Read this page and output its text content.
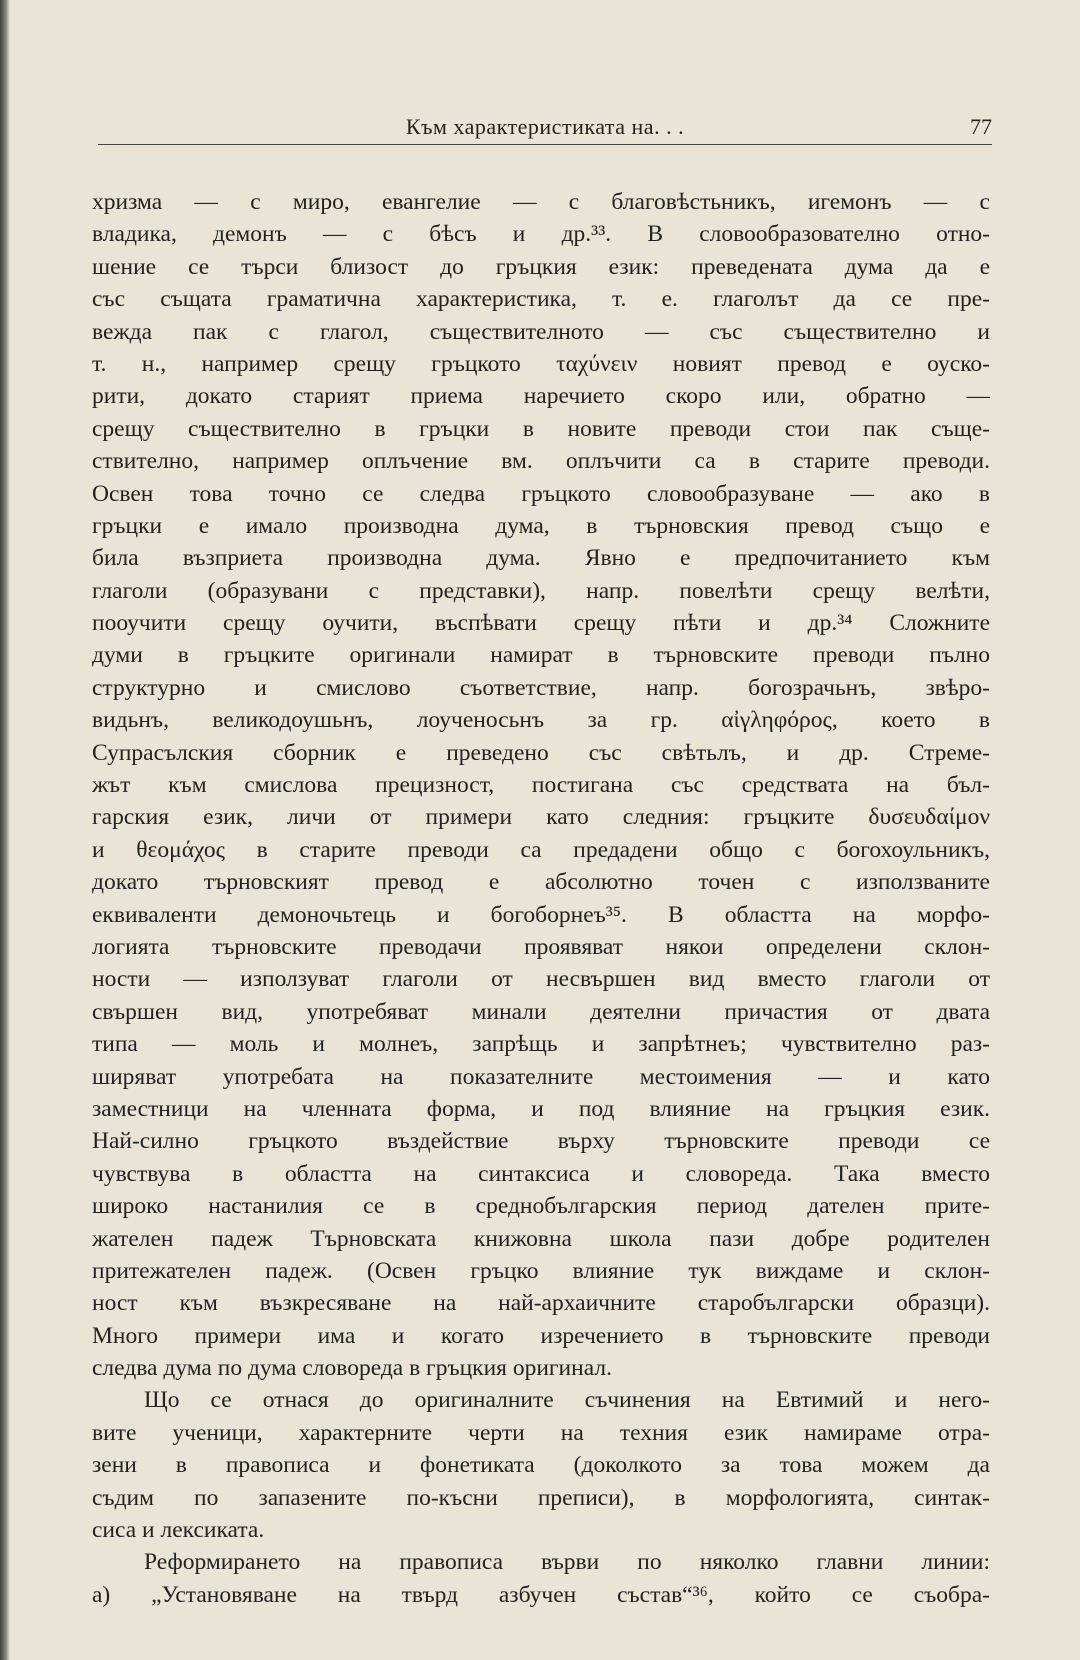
Към характеристиката на. . .	77
хризма — с миро, евангелие — с благовѣстьникъ, игемонъ — с
владика, демонъ — с бѣсъ и др.³³. В словообразователно отно-
шение се търси близост до гръцкия език: преведената дума да е
със същата граматична характеристика, т. е. глаголът да се пре-
вежда пак с глагол, съществителното — със съществително и
т. н., например срещу гръцкото ταχύνειν новият превод е оуско-
рити, докато старият приема наречието скоро или, обратно —
срещу съществително в гръцки в новите преводи стои пак същe-
ствително, например оплъчение вм. оплъчити са в старите преводи.
Освен това точно се следва гръцкото словообразуване — ако в
гръцки е имало производна дума, в търновския превод също е
била възприета производна дума. Явно е предпочитанието към
глаголи (образувани с представки), напр. повелѣти срещу велѣти,
пооучити срещу оучити, въспѣвати срещу пѣти и др.³⁴ Сложните
думи в гръцките оригинали намират в търновските преводи пълно
структурно и смислово съответствие, напр. богозрачьнъ, звѣро-
видьнъ, великодоушьнъ, лоученосьнъ за гр. αἰγληφόρος, което в
Супрасълския сборник е преведено със свѣтьлъ, и др. Стреме-
жът към смислова прецизност, постигана със средствата на бъл-
гарския език, личи от примери като следния: гръцките δυσευδαίμον
и θεομάχος в старите преводи са предадени общо с богохоульникъ,
докато търновският превод е абсолютно точен с използваните
еквиваленти демоночьтець и богоборнеъ³⁵. В областта на морфо-
логията търновските преводачи проявяват някои определени склон-
ности — използуват глаголи от несвършен вид вместо глаголи от
свършен вид, употребяват минали деятелни причастия от двата
типа — моль и молнеъ, запрѣщь и запрѣтнеъ; чувствително раз-
ширяват употребата на показателните местоимения — и като
заместници на членната форма, и под влияние на гръцкия език.
Най-силно гръцкото въздействие върху търновските преводи се
чувствува в областта на синтаксиса и словореда. Така вместо
широко настанилия се в среднобългарския период дателен прите-
жателен падеж Търновската книжовна школа пази добре родителен
притежателен падеж. (Освен гръцко влияние тук виждаме и склон-
ност към възкресяване на най-архаичните старобългарски образци).
Много примери има и когато изречението в търновските преводи
следва дума по дума словореда в гръцкия оригинал.
Що се отнася до оригиналните съчинения на Евтимий и него-
вите ученици, характерните черти на техния език намираме отра-
зени в правописа и фонетиката (доколкото за това можем да
съдим по запазените по-късни преписи), в морфологията, синтак-
сиса и лексиката.
Реформирането на правописа върви по няколко главни линии:
а) „Установяване на твърд азбучен състав“³⁶, който се съобра-
